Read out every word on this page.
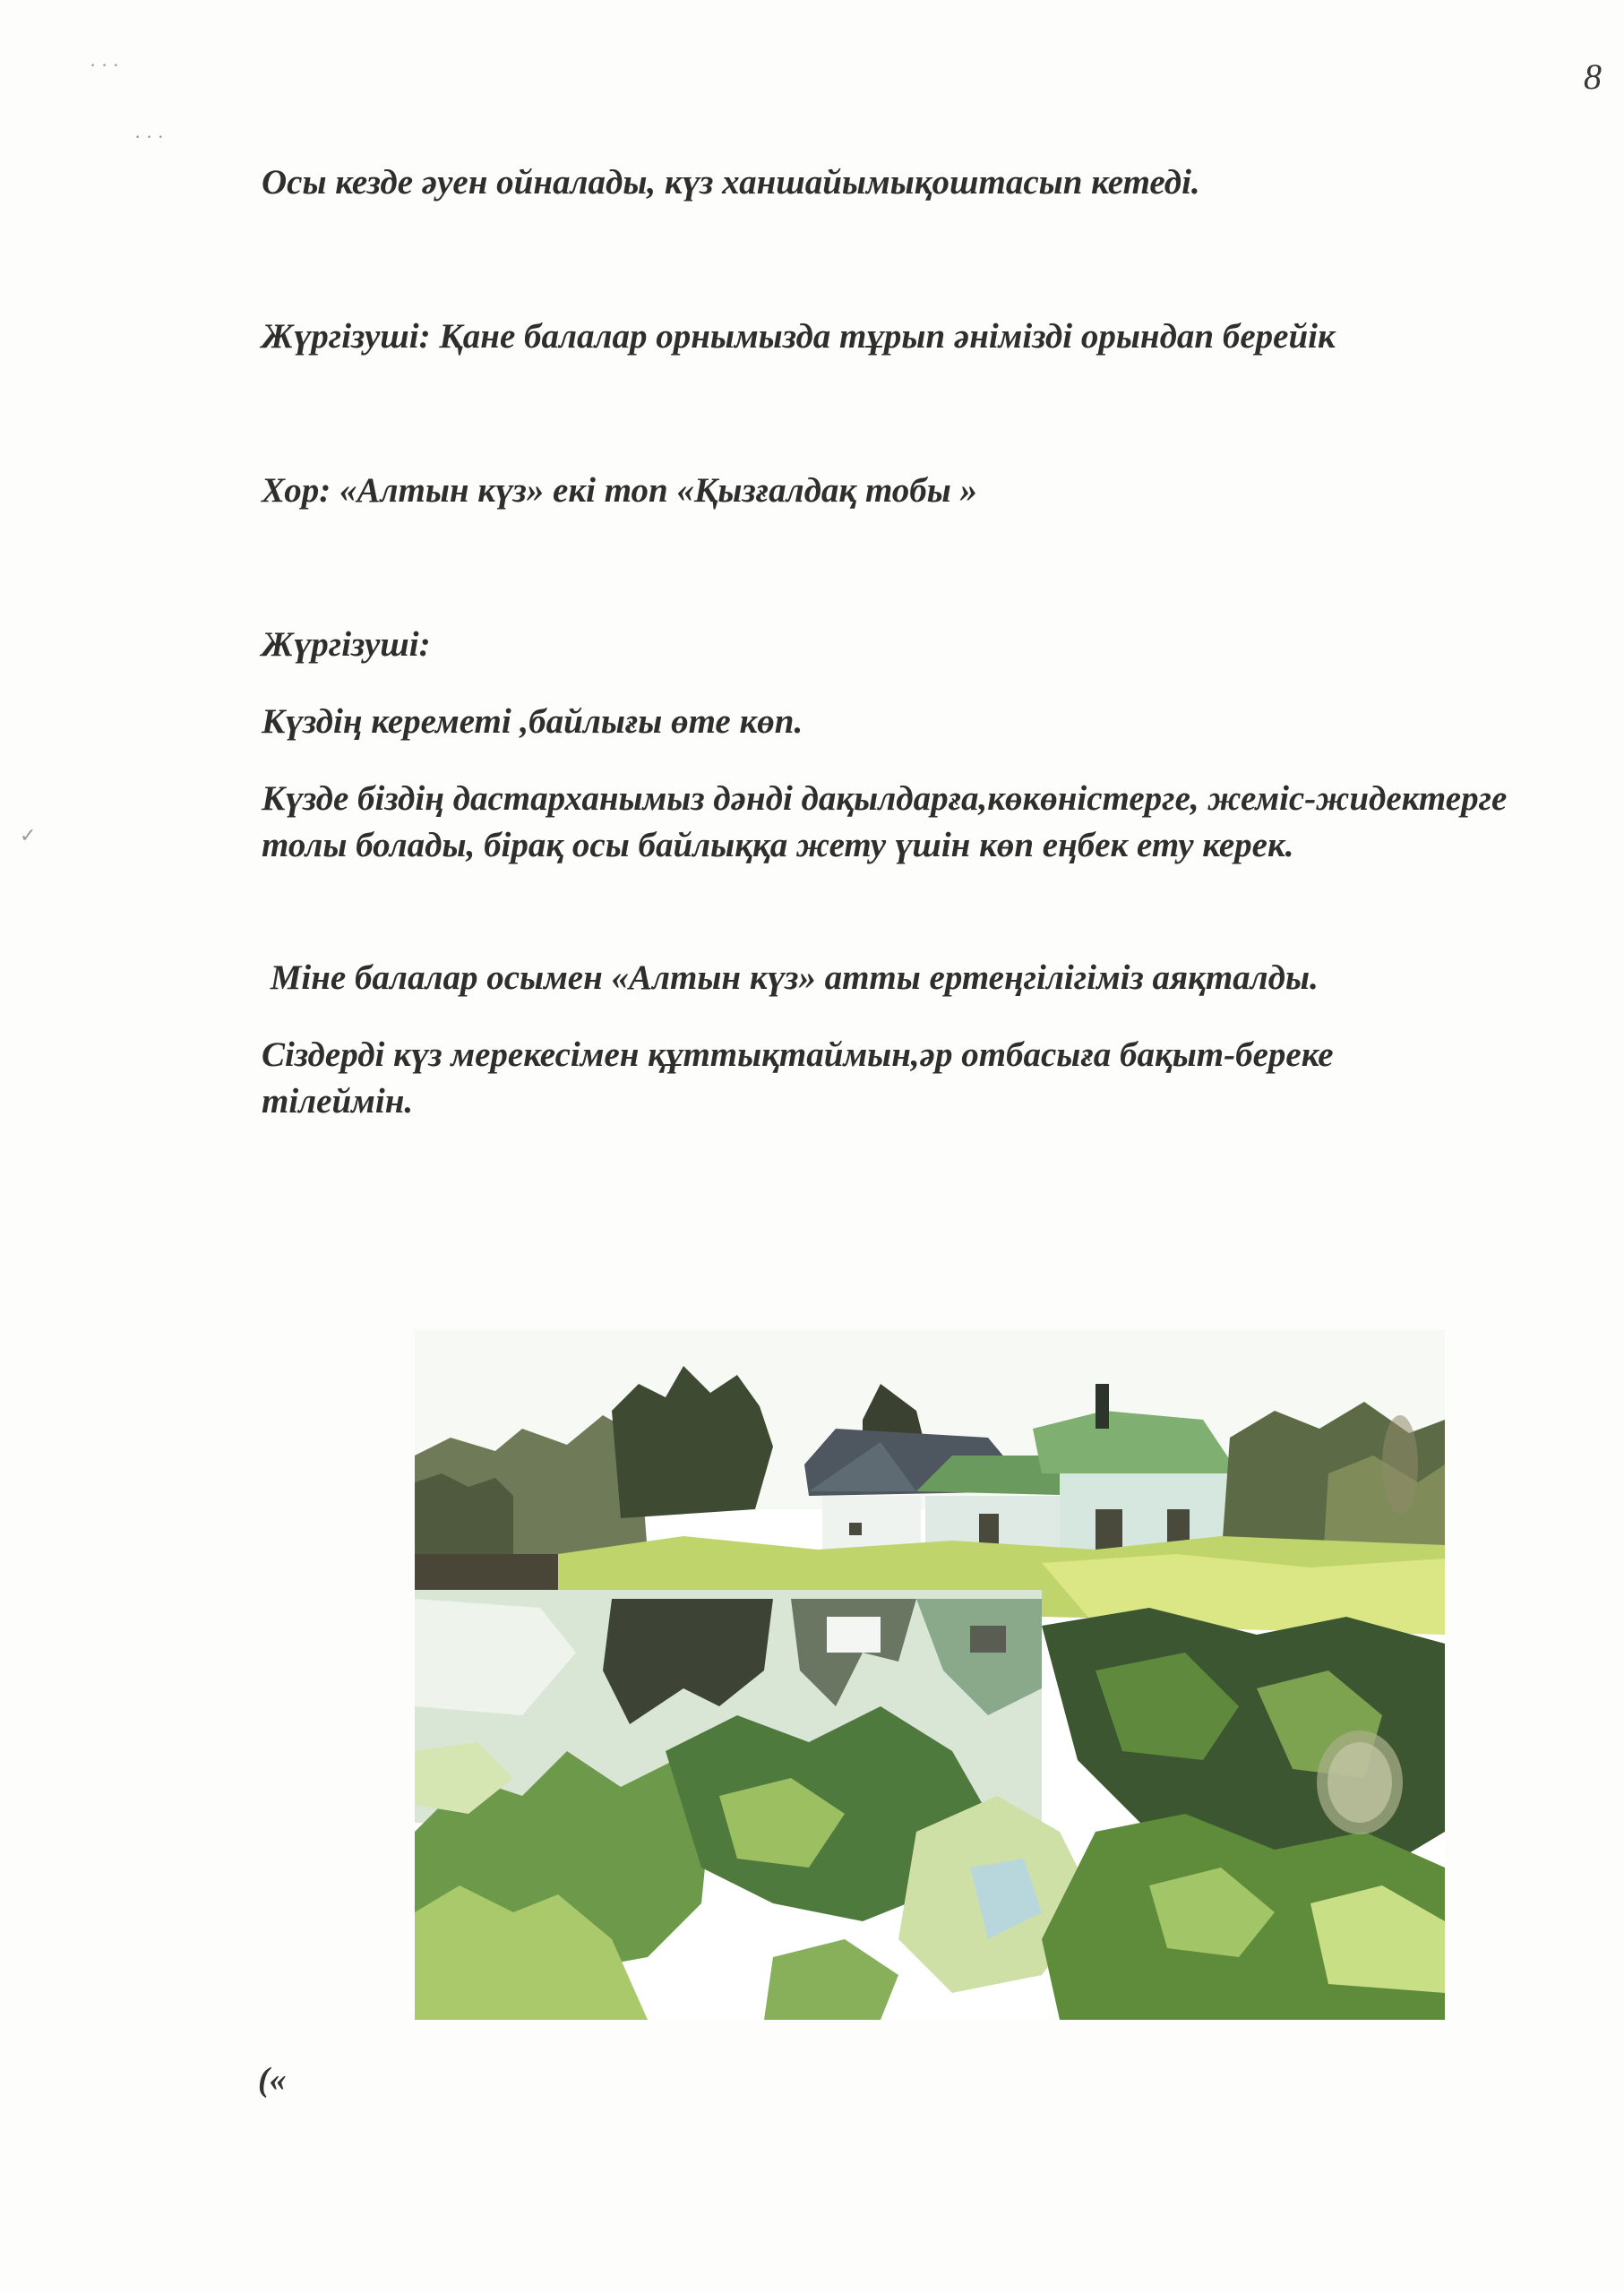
8
· · ·
· · ·
✓

Осы кезде әуен ойналады, күз ханшайымықоштасып кетеді.

Жүргізуші: Қане балалар орнымызда тұрып әнімізді орындап берейік

Хор: «Алтын күз» екі топ «Қызғалдақ тобы »

Жүргізуші:

Күздің кереметі ,байлығы өте көп.

Күзде біздің дастарханымыз дәнді дақылдарға,көкөністерге, жеміс-жидектерге толы болады, біpақ осы байлыққа жету үшін көп еңбек ету керек.

Міне балалар осымен «Алтын күз» атты ертеңгілігіміз аяқталды.

Сіздерді күз мерекесімен құттықтаймын,әр отбасыға бақыт-береке тілеймін.

(«
